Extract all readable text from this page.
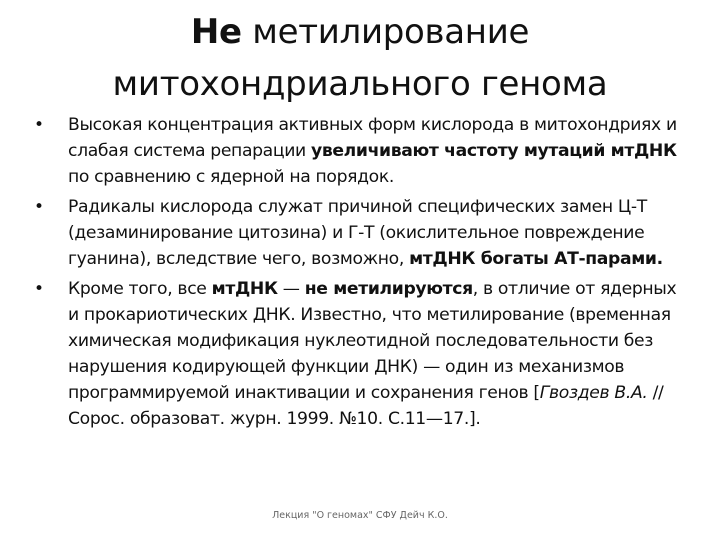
Не метилирование митохондриального генома
• Высокая концентрация активных форм кислорода в митохондриях и слабая система репарации увеличивают частоту мутаций мтДНК по сравнению с ядерной на порядок.
• Радикалы кислорода служат причиной специфических замен Ц-Т (дезаминирование цитозина) и Г-Т (окислительное повреждение гуанина), вследствие чего, возможно, мтДНК богаты АТ-парами.
• Кроме того, все мтДНК — не метилируются, в отличие от ядерных и прокариотических ДНК. Известно, что метилирование (временная химическая модификация нуклеотидной последовательности без нарушения кодирующей функции ДНК) — один из механизмов программируемой инактивации и сохранения генов [Гвоздев В.А. // Сорос. образоват. журн. 1999. №10. С.11—17.].
Лекция "О геномах" СФУ Дейч К.О.
